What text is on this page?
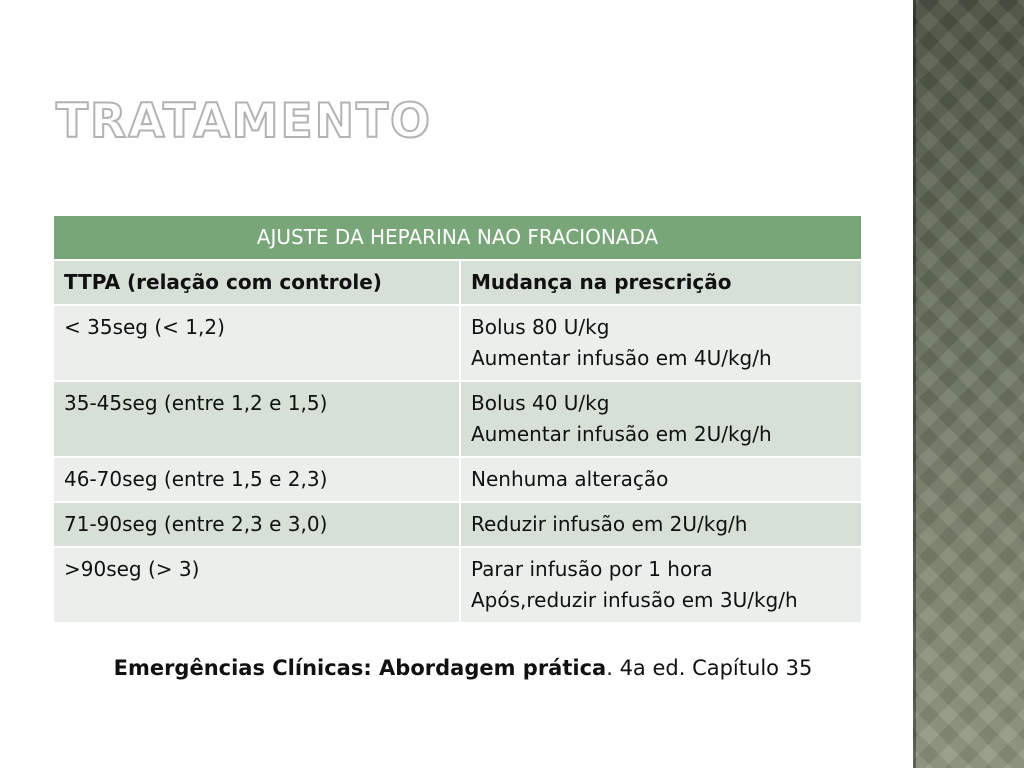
TRATAMENTO
AJUSTE DA HEPARINA NAO FRACIONADA	
TTPA (relação com controle)	Mudança na prescrição
< 35seg (< 1,2)	Bolus 80 U/kg
Aumentar infusão em 4U/kg/h

35-45seg (entre 1,2 e 1,5)	Bolus 40 U/kg
Aumentar infusão em 2U/kg/h

46-70seg (entre 1,5 e 2,3)	Nenhuma alteração

71-90seg (entre 2,3 e 3,0)	Reduzir infusão em 2U/kg/h

>90seg (> 3)	Parar infusão por 1 hora
Após,reduzir infusão em 3U/kg/h
Emergências Clínicas: Abordagem prática. 4a ed. Capítulo 35
